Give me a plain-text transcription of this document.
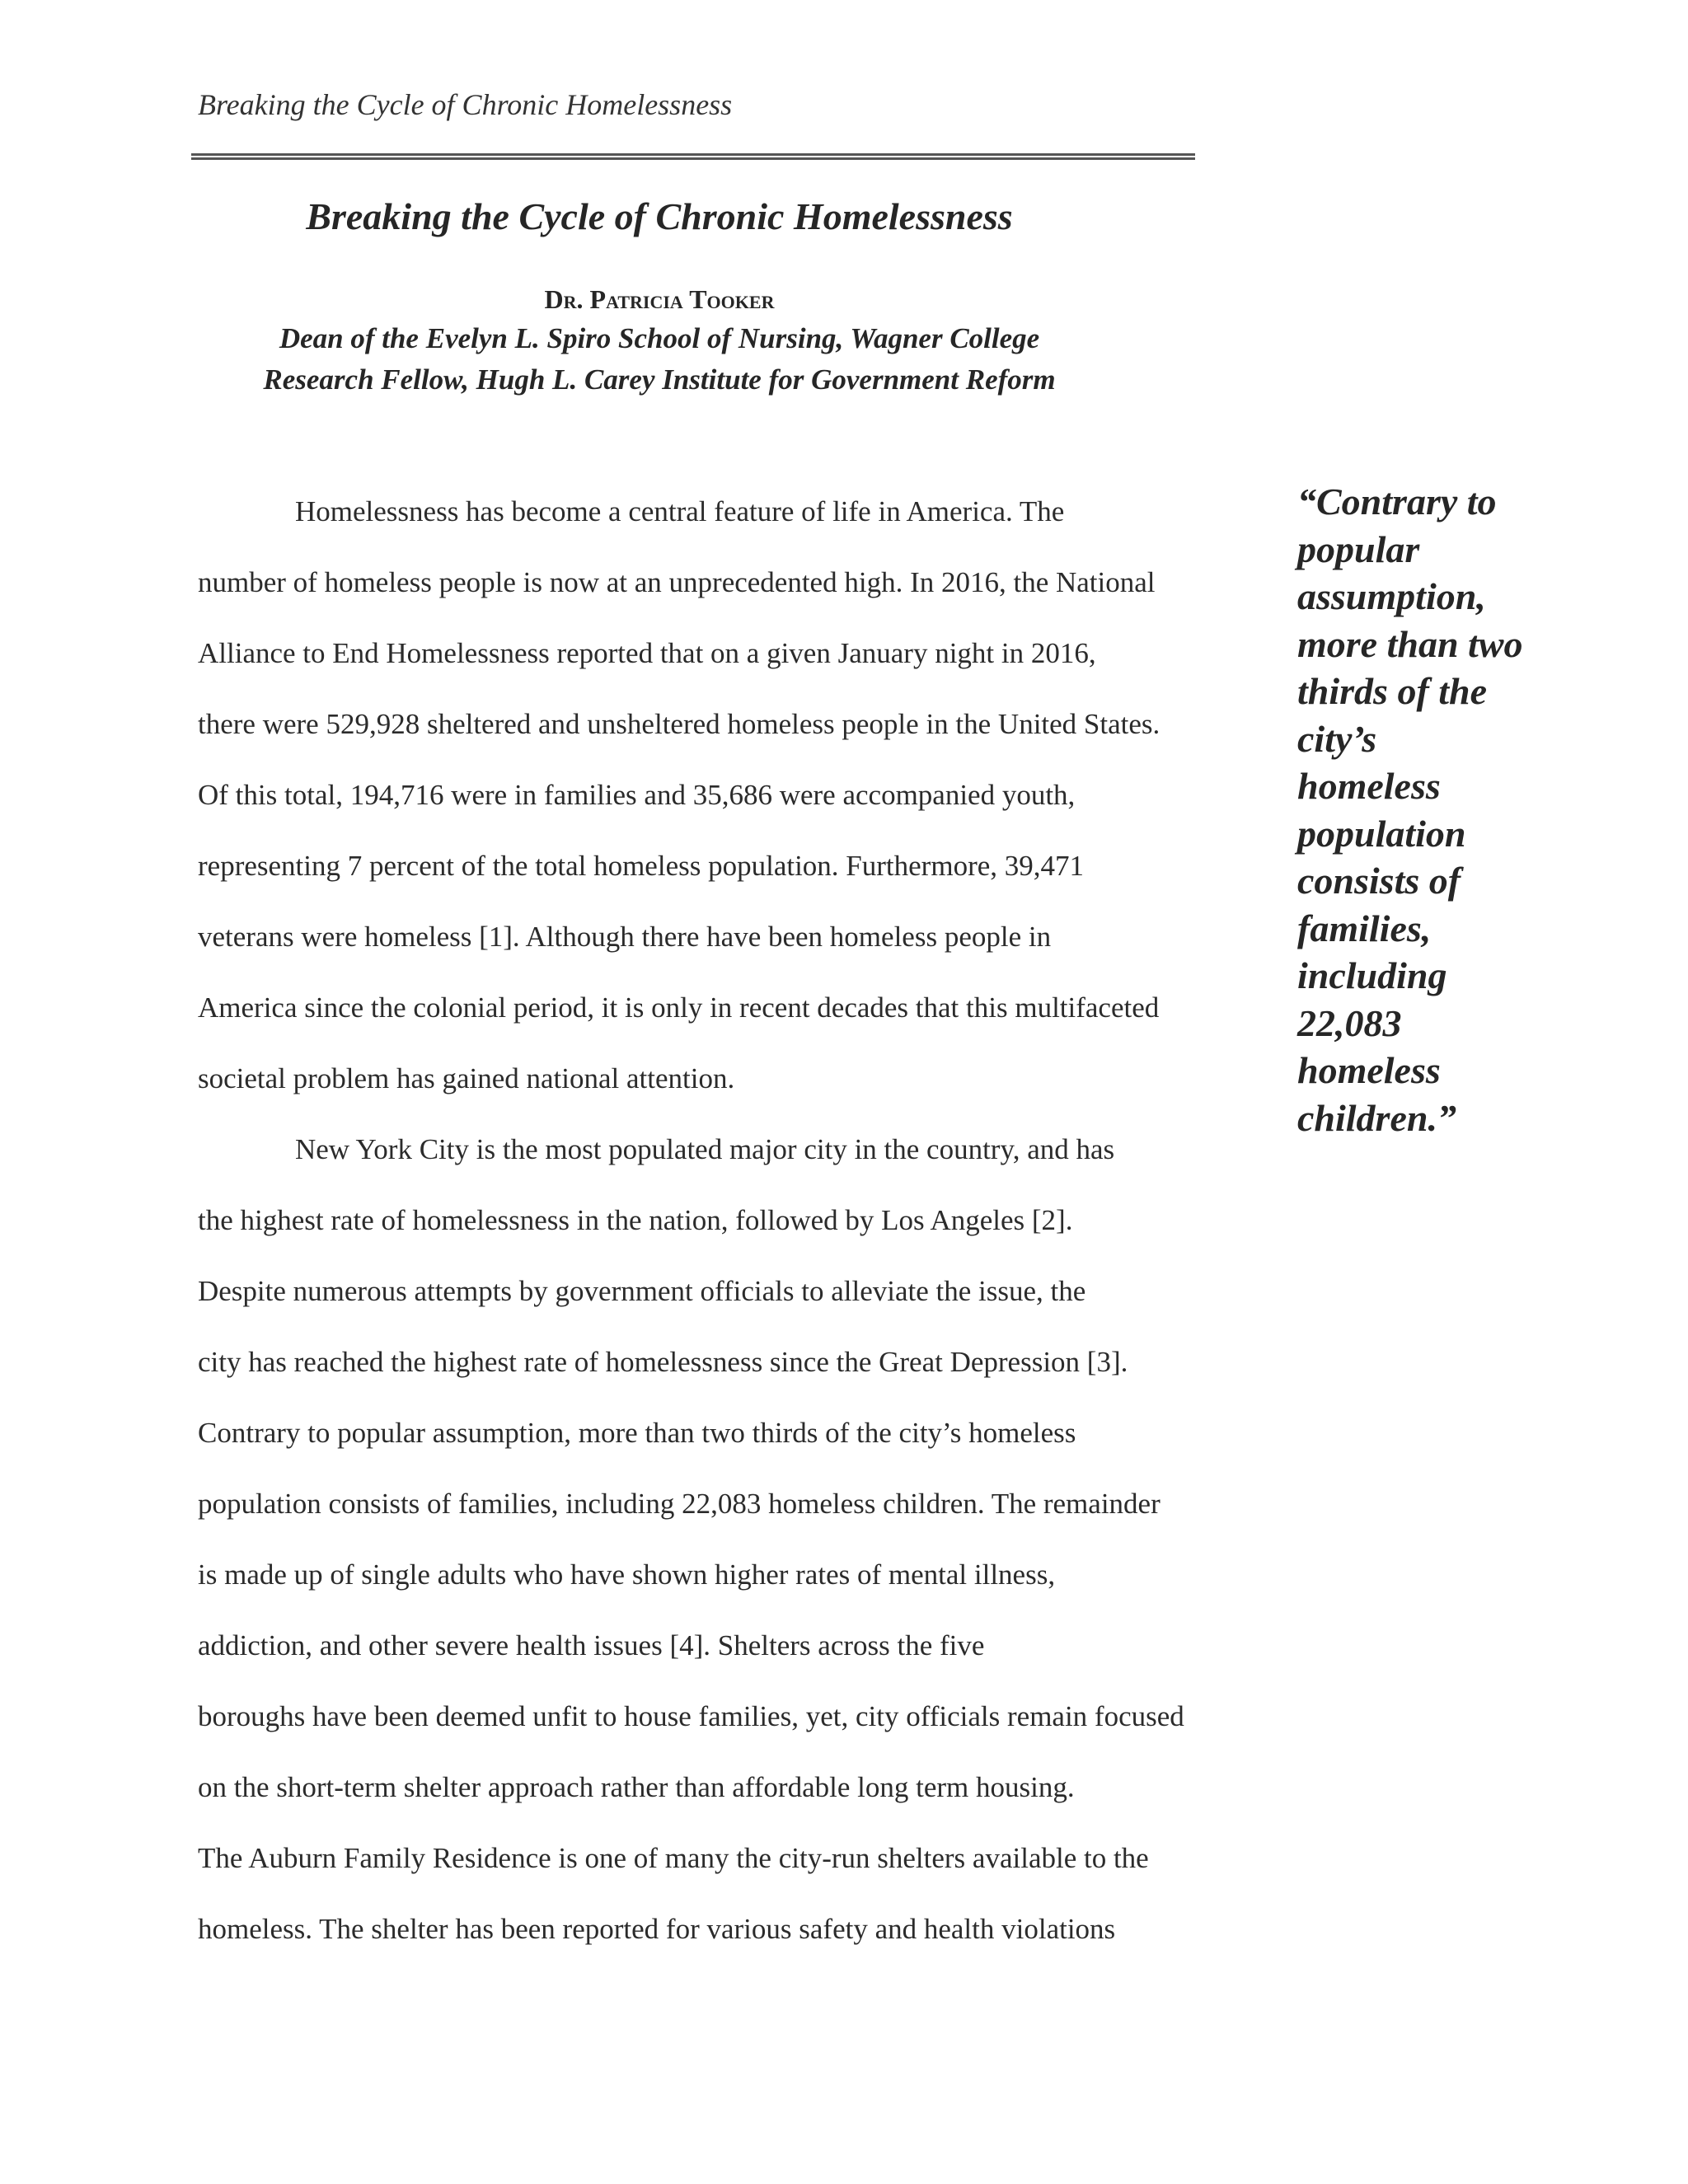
Breaking the Cycle of Chronic Homelessness
Breaking the Cycle of Chronic Homelessness
Dr. Patricia Tooker
Dean of the Evelyn L. Spiro School of Nursing, Wagner College
Research Fellow, Hugh L. Carey Institute for Government Reform
Homelessness has become a central feature of life in America. The
number of homeless people is now at an unprecedented high. In 2016, the National
Alliance to End Homelessness reported that on a given January night in 2016,
there were 529,928 sheltered and unsheltered homeless people in the United States.
Of this total, 194,716 were in families and 35,686 were accompanied youth,
representing 7 percent of the total homeless population. Furthermore, 39,471
veterans were homeless [1]. Although there have been homeless people in
America since the colonial period, it is only in recent decades that this multifaceted
societal problem has gained national attention.
New York City is the most populated major city in the country, and has
the highest rate of homelessness in the nation, followed by Los Angeles [2].
Despite numerous attempts by government officials to alleviate the issue, the
city has reached the highest rate of homelessness since the Great Depression [3].
Contrary to popular assumption, more than two thirds of the city’s homeless
population consists of families, including 22,083 homeless children. The remainder
is made up of single adults who have shown higher rates of mental illness,
addiction, and other severe health issues [4]. Shelters across the five
boroughs have been deemed unfit to house families, yet, city officials remain focused
on the short-term shelter approach rather than affordable long term housing.
The Auburn Family Residence is one of many the city-run shelters available to the
homeless. The shelter has been reported for various safety and health violations
“Contrary to
popular
assumption,
more than two
thirds of the
city’s
homeless
population
consists of
families,
including
22,083
homeless
children.”
